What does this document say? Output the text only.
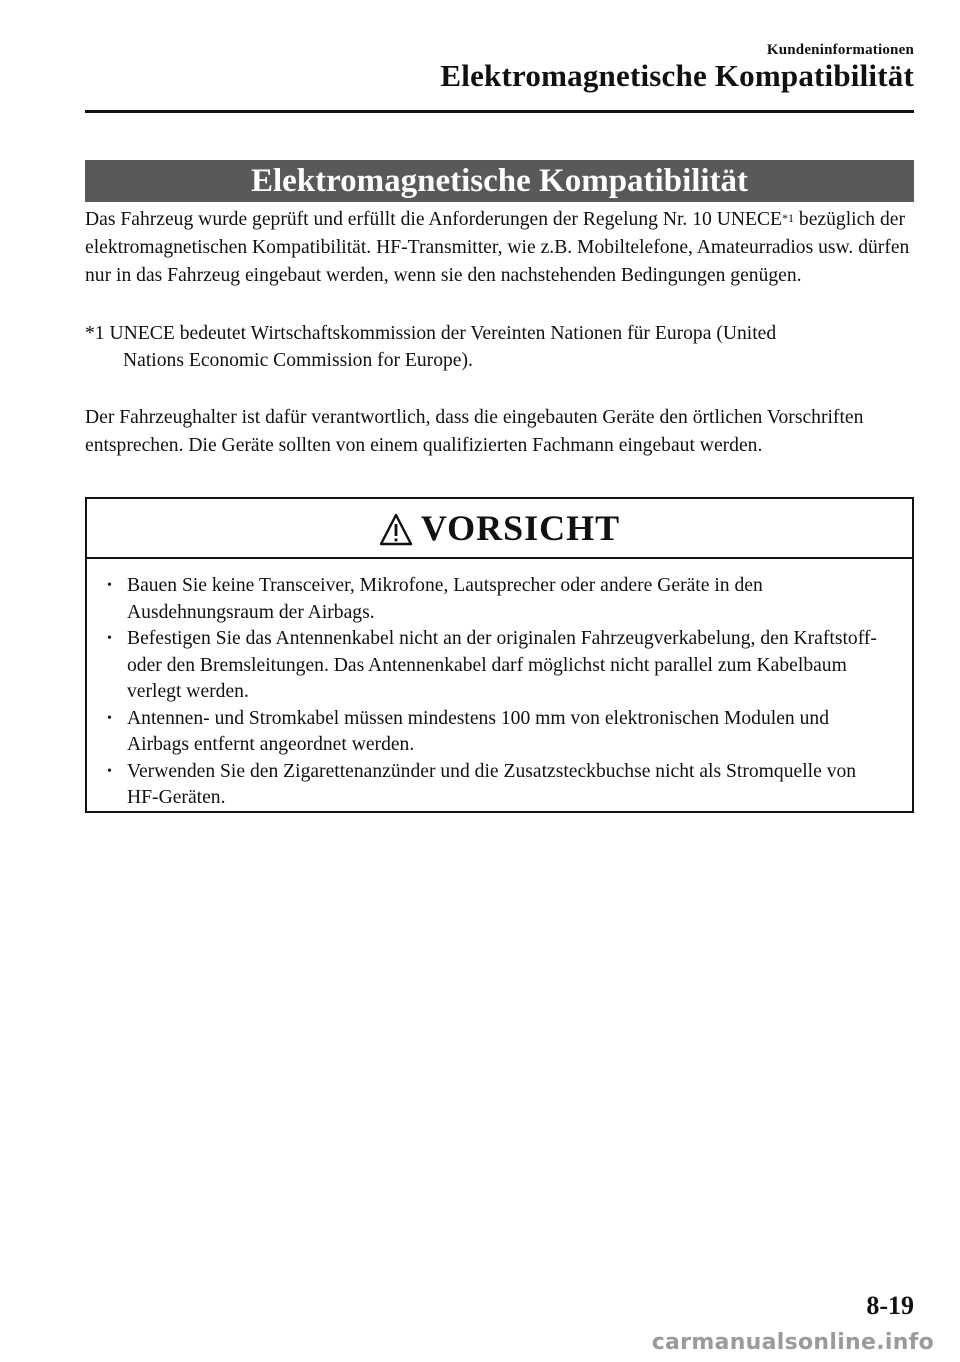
Kundeninformationen
Elektromagnetische Kompatibilität
Elektromagnetische Kompatibilität
Das Fahrzeug wurde geprüft und erfüllt die Anforderungen der Regelung Nr. 10 UNECE$^{*1}$ bezüglich der elektromagnetischen Kompatibilität. HF-Transmitter, wie z.B. Mobiltelefone, Amateurradios usw. dürfen nur in das Fahrzeug eingebaut werden, wenn sie den nachstehenden Bedingungen genügen.
*1 UNECE bedeutet Wirtschaftskommission der Vereinten Nationen für Europa (United
Nations Economic Commission for Europe).
Der Fahrzeughalter ist dafür verantwortlich, dass die eingebauten Geräte den örtlichen Vorschriften entsprechen. Die Geräte sollten von einem qualifizierten Fachmann eingebaut werden.
VORSICHT
• Bauen Sie keine Transceiver, Mikrofone, Lautsprecher oder andere Geräte in den Ausdehnungsraum der Airbags.
• Befestigen Sie das Antennenkabel nicht an der originalen Fahrzeugverkabelung, den Kraftstoff- oder den Bremsleitungen. Das Antennenkabel darf möglichst nicht parallel zum Kabelbaum verlegt werden.
• Antennen- und Stromkabel müssen mindestens 100 mm von elektronischen Modulen und Airbags entfernt angeordnet werden.
• Verwenden Sie den Zigarettenanzünder und die Zusatzsteckbuchse nicht als Stromquelle von HF-Geräten.
8-19
carmanualsonline.info
